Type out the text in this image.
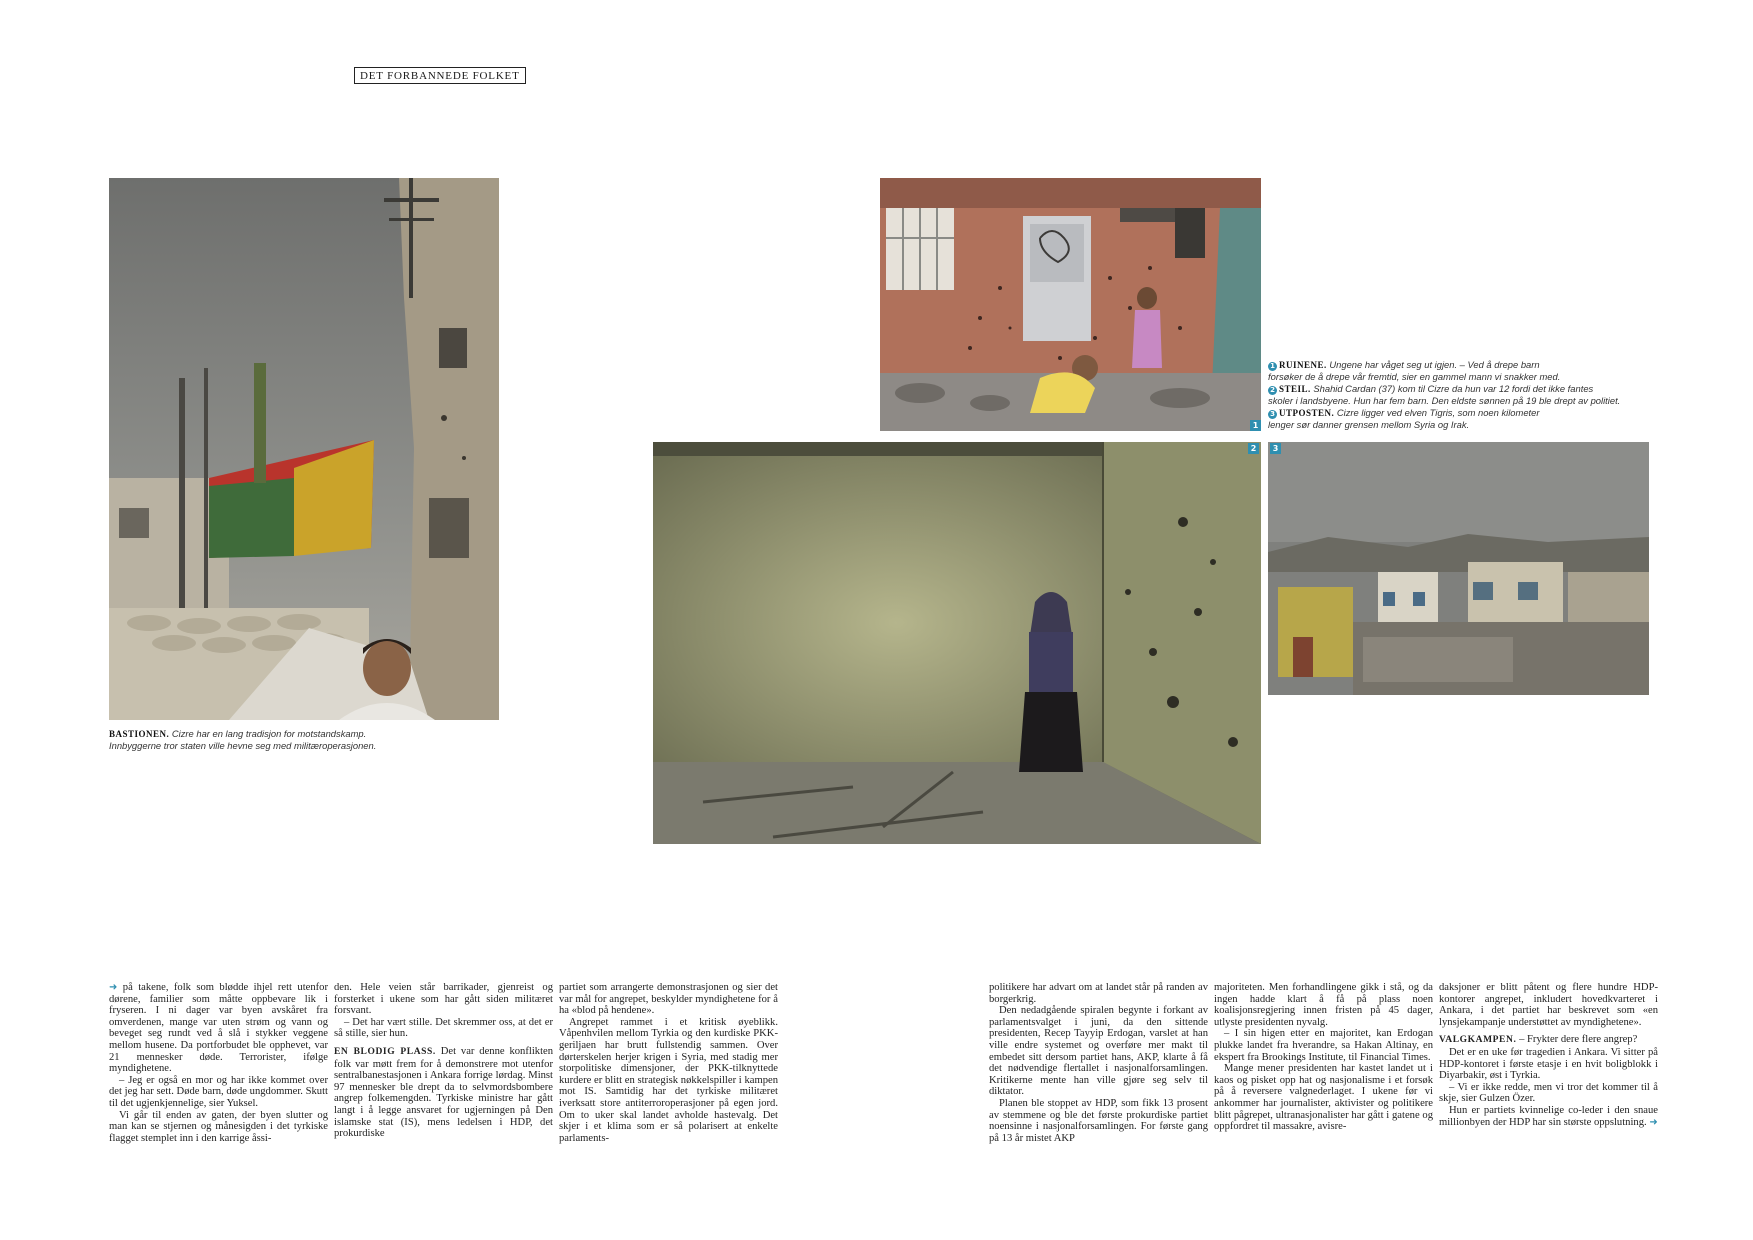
DET FORBANNEDE FOLKET
1
2	3
BASTIONEN. Cizre har en lang tradisjon for motstandskamp.
Innbyggerne tror staten ville hevne seg med militæroperasjonen.
1 RUINENE. Ungene har våget seg ut igjen. – Ved å drepe barn
forsøker de å drepe vår fremtid, sier en gammel mann vi snakker med.
2 STEIL. Shahid Cardan (37) kom til Cizre da hun var 12 fordi det ikke fantes
skoler i landsbyene. Hun har fem barn. Den eldste sønnen på 19 ble drept av politiet.
3 UTPOSTEN. Cizre ligger ved elven Tigris, som noen kilometer
lenger sør danner grensen mellom Syria og Irak.

➜ på takene, folk som blødde ihjel rett utenfor dørene, familier som måtte oppbevare lik i fryseren. I ni dager var byen avskåret fra omverdenen, mange var uten strøm og vann og beveget seg rundt ved å slå i stykker veggene mellom husene. Da portforbudet ble opphevet, var 21 mennesker døde. Terrorister, ifølge myndighetene.

– Jeg er også en mor og har ikke kommet over det jeg har sett. Døde barn, døde ungdommer. Skutt til det ugjenkjennelige, sier Yuksel.

Vi går til enden av gaten, der byen slutter og man kan se stjernen og månesigden i det tyrkiske flagget stemplet inn i den karrige åssi-

den. Hele veien står barrikader, gjenreist og forsterket i ukene som har gått siden militæret forsvant.

– Det har vært stille. Det skremmer oss, at det er så stille, sier hun.

EN BLODIG PLASS. Det var denne konflikten folk var møtt frem for å demonstrere mot utenfor sentralbanestasjonen i Ankara forrige lørdag. Minst 97 mennesker ble drept da to selvmordsbombere angrep folkemengden. Tyrkiske ministre har gått langt i å legge ansvaret for ugjerningen på Den islamske stat (IS), mens ledelsen i HDP, det prokurdiske

partiet som arrangerte demonstrasjonen og sier det var mål for angrepet, beskylder myndighetene for å ha «blod på hendene».

Angrepet rammet i et kritisk øyeblikk. Våpenhvilen mellom Tyrkia og den kurdiske PKK-geriljaen har brutt fullstendig sammen. Over dørterskelen herjer krigen i Syria, med stadig mer storpolitiske dimensjoner, der PKK-tilknyttede kurdere er blitt en strategisk nøkkelspiller i kampen mot IS. Samtidig har det tyrkiske militæret iverksatt store antiterroroperasjoner på egen jord. Om to uker skal landet avholde hastevalg. Det skjer i et klima som er så polarisert at enkelte parlaments-

politikere har advart om at landet står på randen av borgerkrig.

Den nedadgående spiralen begynte i forkant av parlamentsvalget i juni, da den sittende presidenten, Recep Tayyip Erdogan, varslet at han ville endre systemet og overføre mer makt til embedet sitt dersom partiet hans, AKP, klarte å få det nødvendige flertallet i nasjonalforsamlingen. Kritikerne mente han ville gjøre seg selv til diktator.

Planen ble stoppet av HDP, som fikk 13 prosent av stemmene og ble det første prokurdiske partiet noensinne i nasjonalforsamlingen. For første gang på 13 år mistet AKP

majoriteten. Men forhandlingene gikk i stå, og da ingen hadde klart å få på plass noen koalisjonsregjering innen fristen på 45 dager, utlyste presidenten nyvalg.

– I sin higen etter en majoritet, kan Erdogan plukke landet fra hverandre, sa Hakan Altinay, en ekspert fra Brookings Institute, til Financial Times.

Mange mener presidenten har kastet landet ut i kaos og pisket opp hat og nasjonalisme i et forsøk på å reversere valgnederlaget. I ukene før vi ankommer har journalister, aktivister og politikere blitt pågrepet, ultranasjonalister har gått i gatene og oppfordret til massakre, avisre-

daksjoner er blitt påtent og flere hundre HDP-kontorer angrepet, inkludert hovedkvarteret i Ankara, i det partiet har beskrevet som «en lynsjekampanje understøttet av myndighetene».

VALGKAMPEN. – Frykter dere flere angrep?

Det er en uke før tragedien i Ankara. Vi sitter på HDP-kontoret i første etasje i en hvit boligblokk i Diyarbakir, øst i Tyrkia.

– Vi er ikke redde, men vi tror det kommer til å skje, sier Gulzen Özer.

Hun er partiets kvinnelige co-leder i den snaue millionbyen der HDP har sin største oppslutning. ➜
